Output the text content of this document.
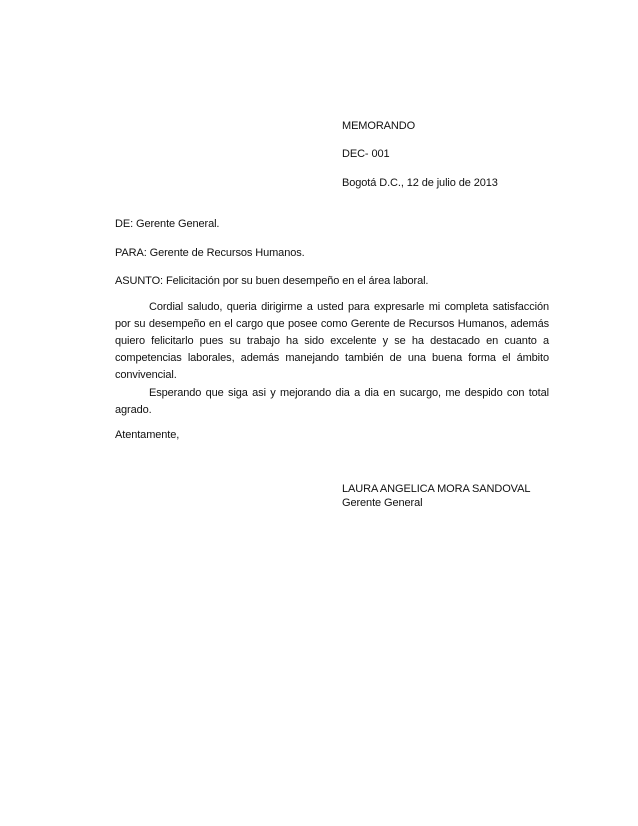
MEMORANDO
DEC- 001
Bogotá D.C., 12 de julio de 2013
DE: Gerente General.
PARA: Gerente de Recursos Humanos.
ASUNTO: Felicitación por su buen desempeño en el área laboral.
Cordial saludo, queria dirigirme a usted para expresarle mi completa satisfacción por su desempeño en el cargo que posee como Gerente de Recursos Humanos, además quiero felicitarlo pues su trabajo ha sido excelente y se ha destacado en cuanto a competencias laborales, además manejando también de una buena forma el ámbito convivencial.
Esperando que siga asi y mejorando dia a dia en sucargo, me despido con total agrado.
Atentamente,
LAURA ANGELICA MORA SANDOVAL
Gerente General
